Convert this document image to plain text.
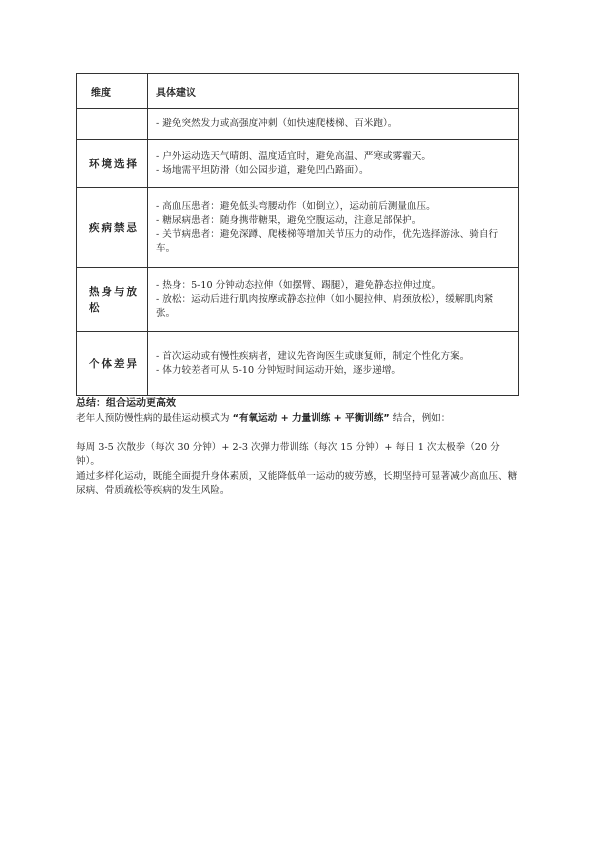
维度	具体建议

	- 避免突然发力或高强度冲刺（如快速爬楼梯、百米跑）。

环境选择	- 户外运动选天气晴朗、温度适宜时，避免高温、严寒或雾霾天。
- 场地需平坦防滑（如公园步道，避免凹凸路面）。

疾病禁忌	- 高血压患者：避免低头弯腰动作（如倒立），运动前后测量血压。
- 糖尿病患者：随身携带糖果，避免空腹运动，注意足部保护。
- 关节病患者：避免深蹲、爬楼梯等增加关节压力的动作，优先选择游泳、骑自行车。

热身与放松	- 热身：5-10 分钟动态拉伸（如摆臂、踢腿），避免静态拉伸过度。
- 放松：运动后进行肌肉按摩或静态拉伸（如小腿拉伸、肩颈放松），缓解肌肉紧张。

个体差异	- 首次运动或有慢性疾病者，建议先咨询医生或康复师，制定个性化方案。
- 体力较差者可从 5-10 分钟短时间运动开始，逐步递增。

总结：组合运动更高效

老年人预防慢性病的最佳运动模式为 “有氧运动 + 力量训练 + 平衡训练” 结合，例如：

每周 3-5 次散步（每次 30 分钟）+ 2-3 次弹力带训练（每次 15 分钟）+ 每日 1 次太极拳（20 分钟）。

通过多样化运动，既能全面提升身体素质，又能降低单一运动的疲劳感，长期坚持可显著减少高血压、糖尿病、骨质疏松等疾病的发生风险。
